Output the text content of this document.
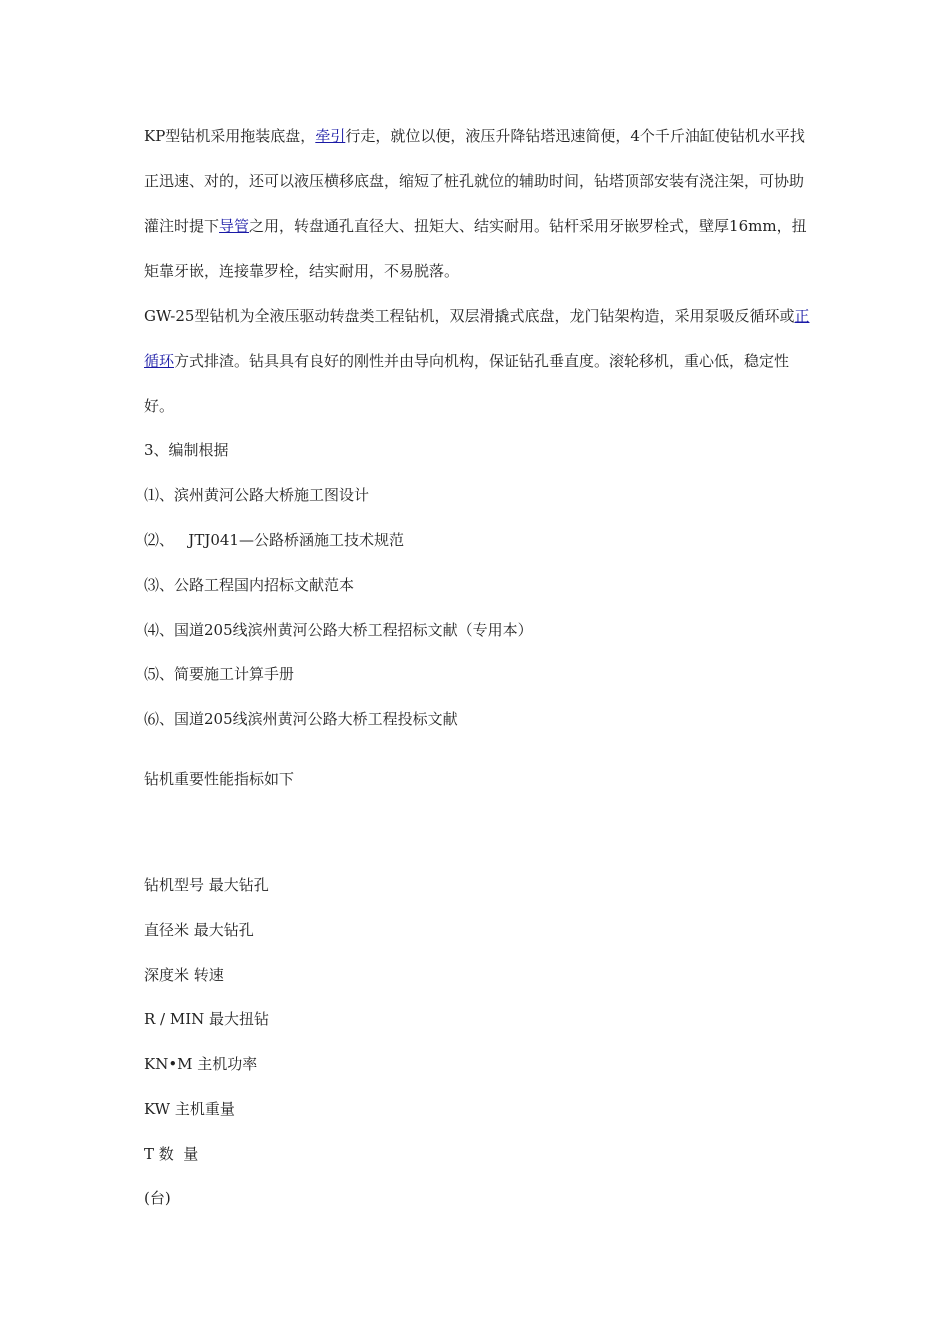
KP型钻机采用拖装底盘，牵引行走，就位以便，液压升降钻塔迅速简便，4个千斤油缸使钻机水平找正迅速、对的，还可以液压横移底盘，缩短了桩孔就位的辅助时间，钻塔顶部安装有浇注架，可协助灌注时提下导管之用，转盘通孔直径大、扭矩大、结实耐用。钻杆采用牙嵌罗栓式，壁厚16mm，扭矩靠牙嵌，连接靠罗栓，结实耐用，不易脱落。

GW-25型钻机为全液压驱动转盘类工程钻机，双层滑撬式底盘，龙门钻架构造，采用泵吸反循环或正循环方式排渣。钻具具有良好的刚性并由导向机构，保证钻孔垂直度。滚轮移机，重心低，稳定性好。

3、编制根据

⑴、滨州黄河公路大桥施工图设计

⑵、   JTJ041—公路桥涵施工技术规范

⑶、公路工程国内招标文献范本

⑷、国道205线滨州黄河公路大桥工程招标文献（专用本）

⑸、简要施工计算手册

⑹、国道205线滨州黄河公路大桥工程投标文献

钻机重要性能指标如下

钻机型号 最大钻孔

直径米 最大钻孔

深度米 转速

R / MIN 最大扭钻

KN•M 主机功率

KW 主机重量

T 数  量

(台)
